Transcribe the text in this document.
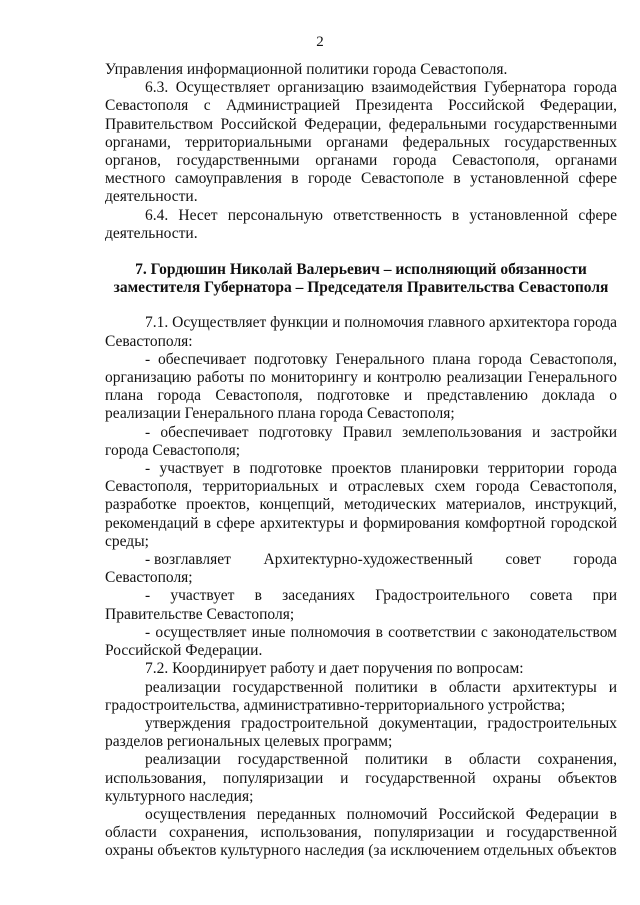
2

Управления информационной политики города Севастополя.

6.3. Осуществляет организацию взаимодействия Губернатора города Севастополя с Администрацией Президента Российской Федерации, Правительством Российской Федерации, федеральными государственными органами, территориальными органами федеральных государственных органов, государственными органами города Севастополя, органами местного самоуправления в городе Севастополе в установленной сфере деятельности.

6.4. Несет персональную ответственность в установленной сфере деятельности.

7. Гордюшин Николай Валерьевич – исполняющий обязанности

заместителя Губернатора – Председателя Правительства Севастополя

7.1. Осуществляет функции и полномочия главного архитектора города Севастополя:

- обеспечивает подготовку Генерального плана города Севастополя, организацию работы по мониторингу и контролю реализации Генерального плана города Севастополя, подготовке и представлению доклада о реализации Генерального плана города Севастополя;

- обеспечивает подготовку Правил землепользования и застройки города Севастополя;

- участвует в подготовке проектов планировки территории города Севастополя, территориальных и отраслевых схем города Севастополя, разработке проектов, концепций, методических материалов, инструкций, рекомендаций в сфере архитектуры и формирования комфортной городской среды;

- возглавляет Архитектурно-художественный совет города

Севастополя;

- участвует в заседаниях Градостроительного совета при Правительстве Севастополя;

- осуществляет иные полномочия в соответствии с законодательством Российской Федерации.

7.2. Координирует работу и дает поручения по вопросам:

реализации государственной политики в области архитектуры и градостроительства, административно-территориального устройства;

утверждения градостроительной документации, градостроительных разделов региональных целевых программ;

реализации государственной политики в области сохранения, использования, популяризации и государственной охраны объектов культурного наследия;

осуществления переданных полномочий Российской Федерации в области сохранения, использования, популяризации и государственной охраны объектов культурного наследия (за исключением отдельных объектов
